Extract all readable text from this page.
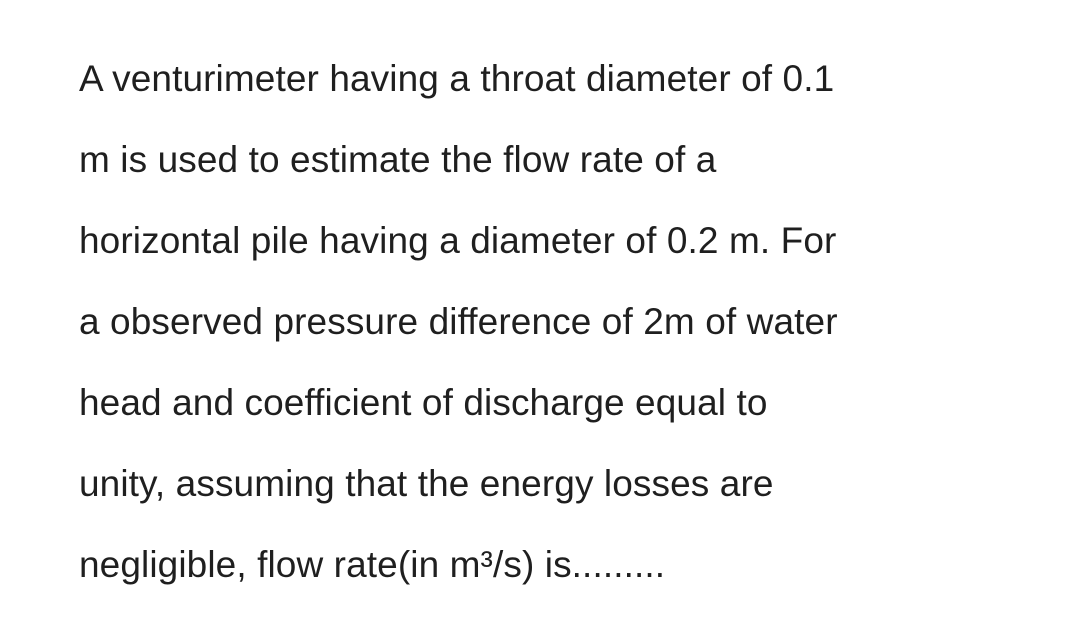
A venturimeter having a throat diameter of 0.1
m is used to estimate the flow rate of a
horizontal pile having a diameter of 0.2 m. For
a observed pressure difference of 2m of water
head and coefficient of discharge equal to
unity, assuming that the energy losses are
negligible, flow rate(in m³/s) is.........
